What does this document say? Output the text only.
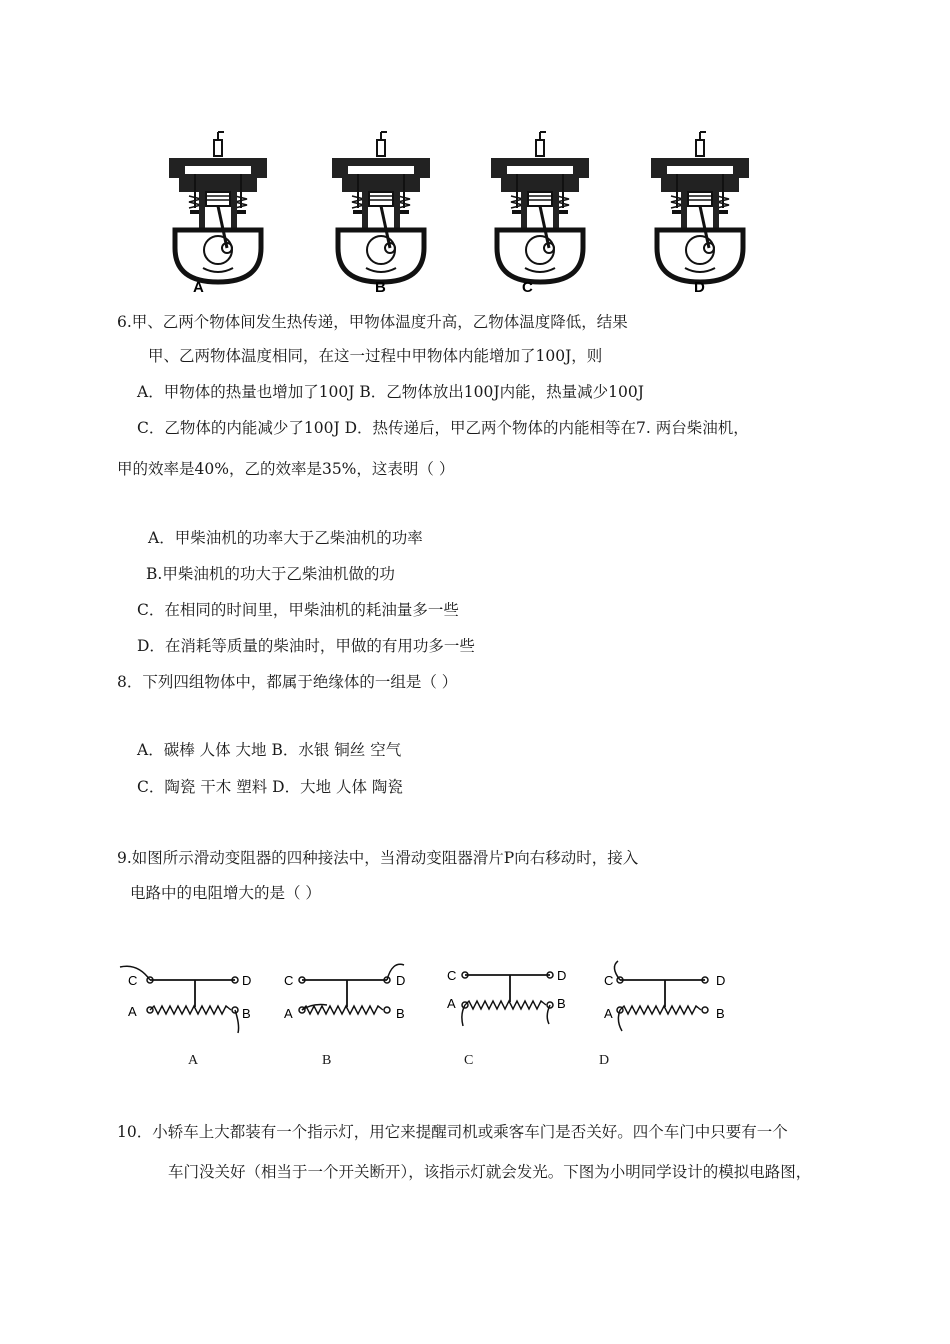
A	B	C	D
6.甲、乙两个物体间发生热传递，甲物体温度升高，乙物体温度降低，结果
甲、乙两物体温度相同，在这一过程中甲物体内能增加了100J，则
A．甲物体的热量也增加了100J B．乙物体放出100J内能，热量减少100J
C．乙物体的内能减少了100J D．热传递后，甲乙两个物体的内能相等在7. 两台柴油机，
甲的效率是40%，乙的效率是35%，这表明（ ）
A．甲柴油机的功率大于乙柴油机的功率
B.甲柴油机的功大于乙柴油机做的功
C．在相同的时间里，甲柴油机的耗油量多一些
D．在消耗等质量的柴油时，甲做的有用功多一些
8．下列四组物体中，都属于绝缘体的一组是（ ）
A．碳棒 人体 大地 B．水银 铜丝 空气
C．陶瓷 干木 塑料 D．大地 人体 陶瓷
9.如图所示滑动变阻器的四种接法中，当滑动变阻器滑片P向右移动时，接入
电路中的电阻增大的是（ ）
C	D
A	B
C	D
A	B
C	D
A	B
C	D
A	B
A	B	C	D
10．小轿车上大都装有一个指示灯，用它来提醒司机或乘客车门是否关好。四个车门中只要有一个
车门没关好（相当于一个开关断开），该指示灯就会发光。下图为小明同学设计的模拟电路图，
